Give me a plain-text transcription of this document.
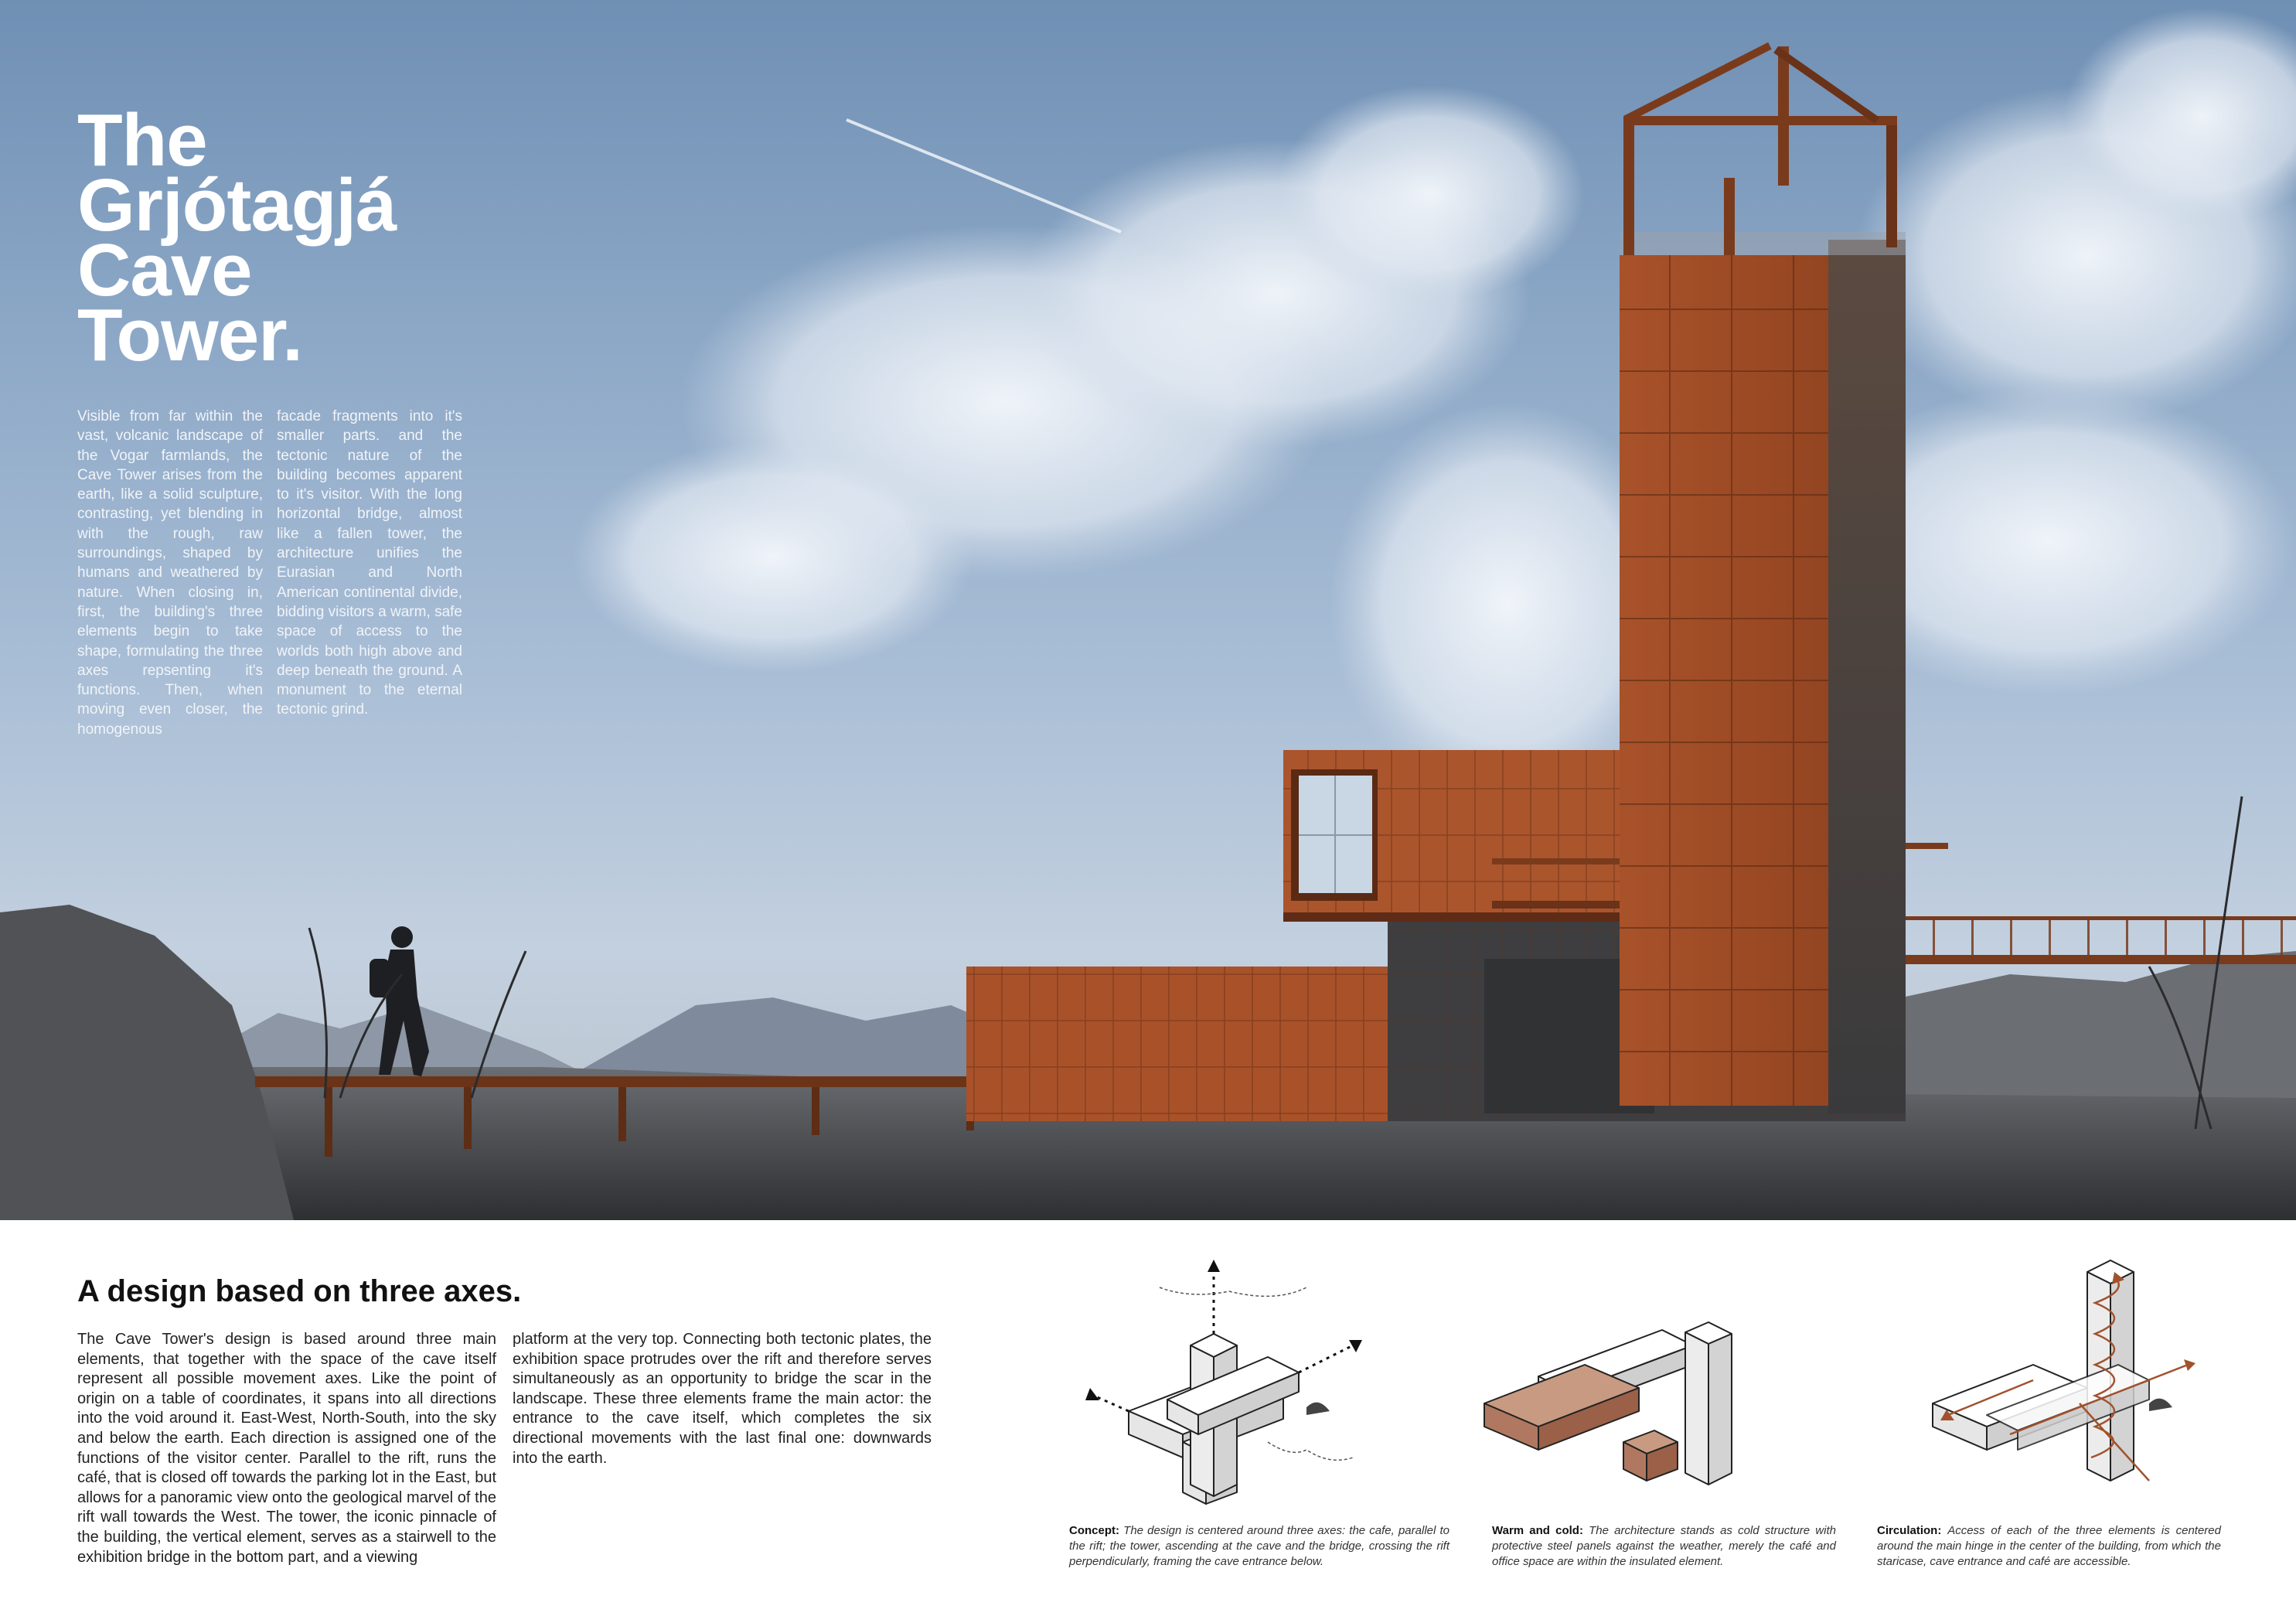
The
Grjótagjá
Cave
Tower.
Visible from far within the vast, volcanic landscape of the Vogar farmlands, the Cave Tower arises from the earth, like a solid sculpture, contrasting, yet blending in with the rough, raw surroundings, shaped by humans and weathered by nature. When closing in, first, the building's three elements begin to take shape, formulating the three axes repsenting it's functions. Then, when moving even closer, the homogenous
facade fragments into it's smaller parts. and the tectonic nature of the building becomes apparent to it's visitor. With the long horizontal bridge, almost like a fallen tower, the architecture unifies the Eurasian and North American continental divide, bidding visitors a warm, safe space of access to the worlds both high above and deep beneath the ground. A monument to the eternal tectonic grind.
A design based on three axes.
The Cave Tower's design is based around three main elements, that together with the space of the cave itself represent all possible movement axes. Like the point of origin on a table of coordinates, it spans into all directions into the void around it. East-West, North-South, into the sky and below the earth. Each direction is assigned one of the functions of the visitor center. Parallel to the rift, runs the café, that is closed off towards the parking lot in the East, but allows for a panoramic view onto the geological marvel of the rift wall towards the West. The tower, the iconic pinnacle of the building, the vertical element, serves as a stairwell to the exhibition bridge in the bottom part, and a viewing
platform at the very top. Connecting both tectonic plates, the exhibition space protrudes over the rift and therefore serves simultaneously as an opportunity to bridge the scar in the landscape. These three elements frame the main actor: the entrance to the cave itself, which completes the six directional movements with the last final one: downwards into the earth.
Concept: The design is centered around three axes: the cafe, parallel to the rift; the tower, ascending at the cave and the bridge, crossing the rift perpendicularly, framing the cave entrance below.
Warm and cold: The architecture stands as cold structure with protective steel panels against the weather, merely the café and office space are within the insulated element.
Circulation: Access of each of the three elements is centered around the main hinge in the center of the building, from which the staricase, cave entrance and café are accessible.
